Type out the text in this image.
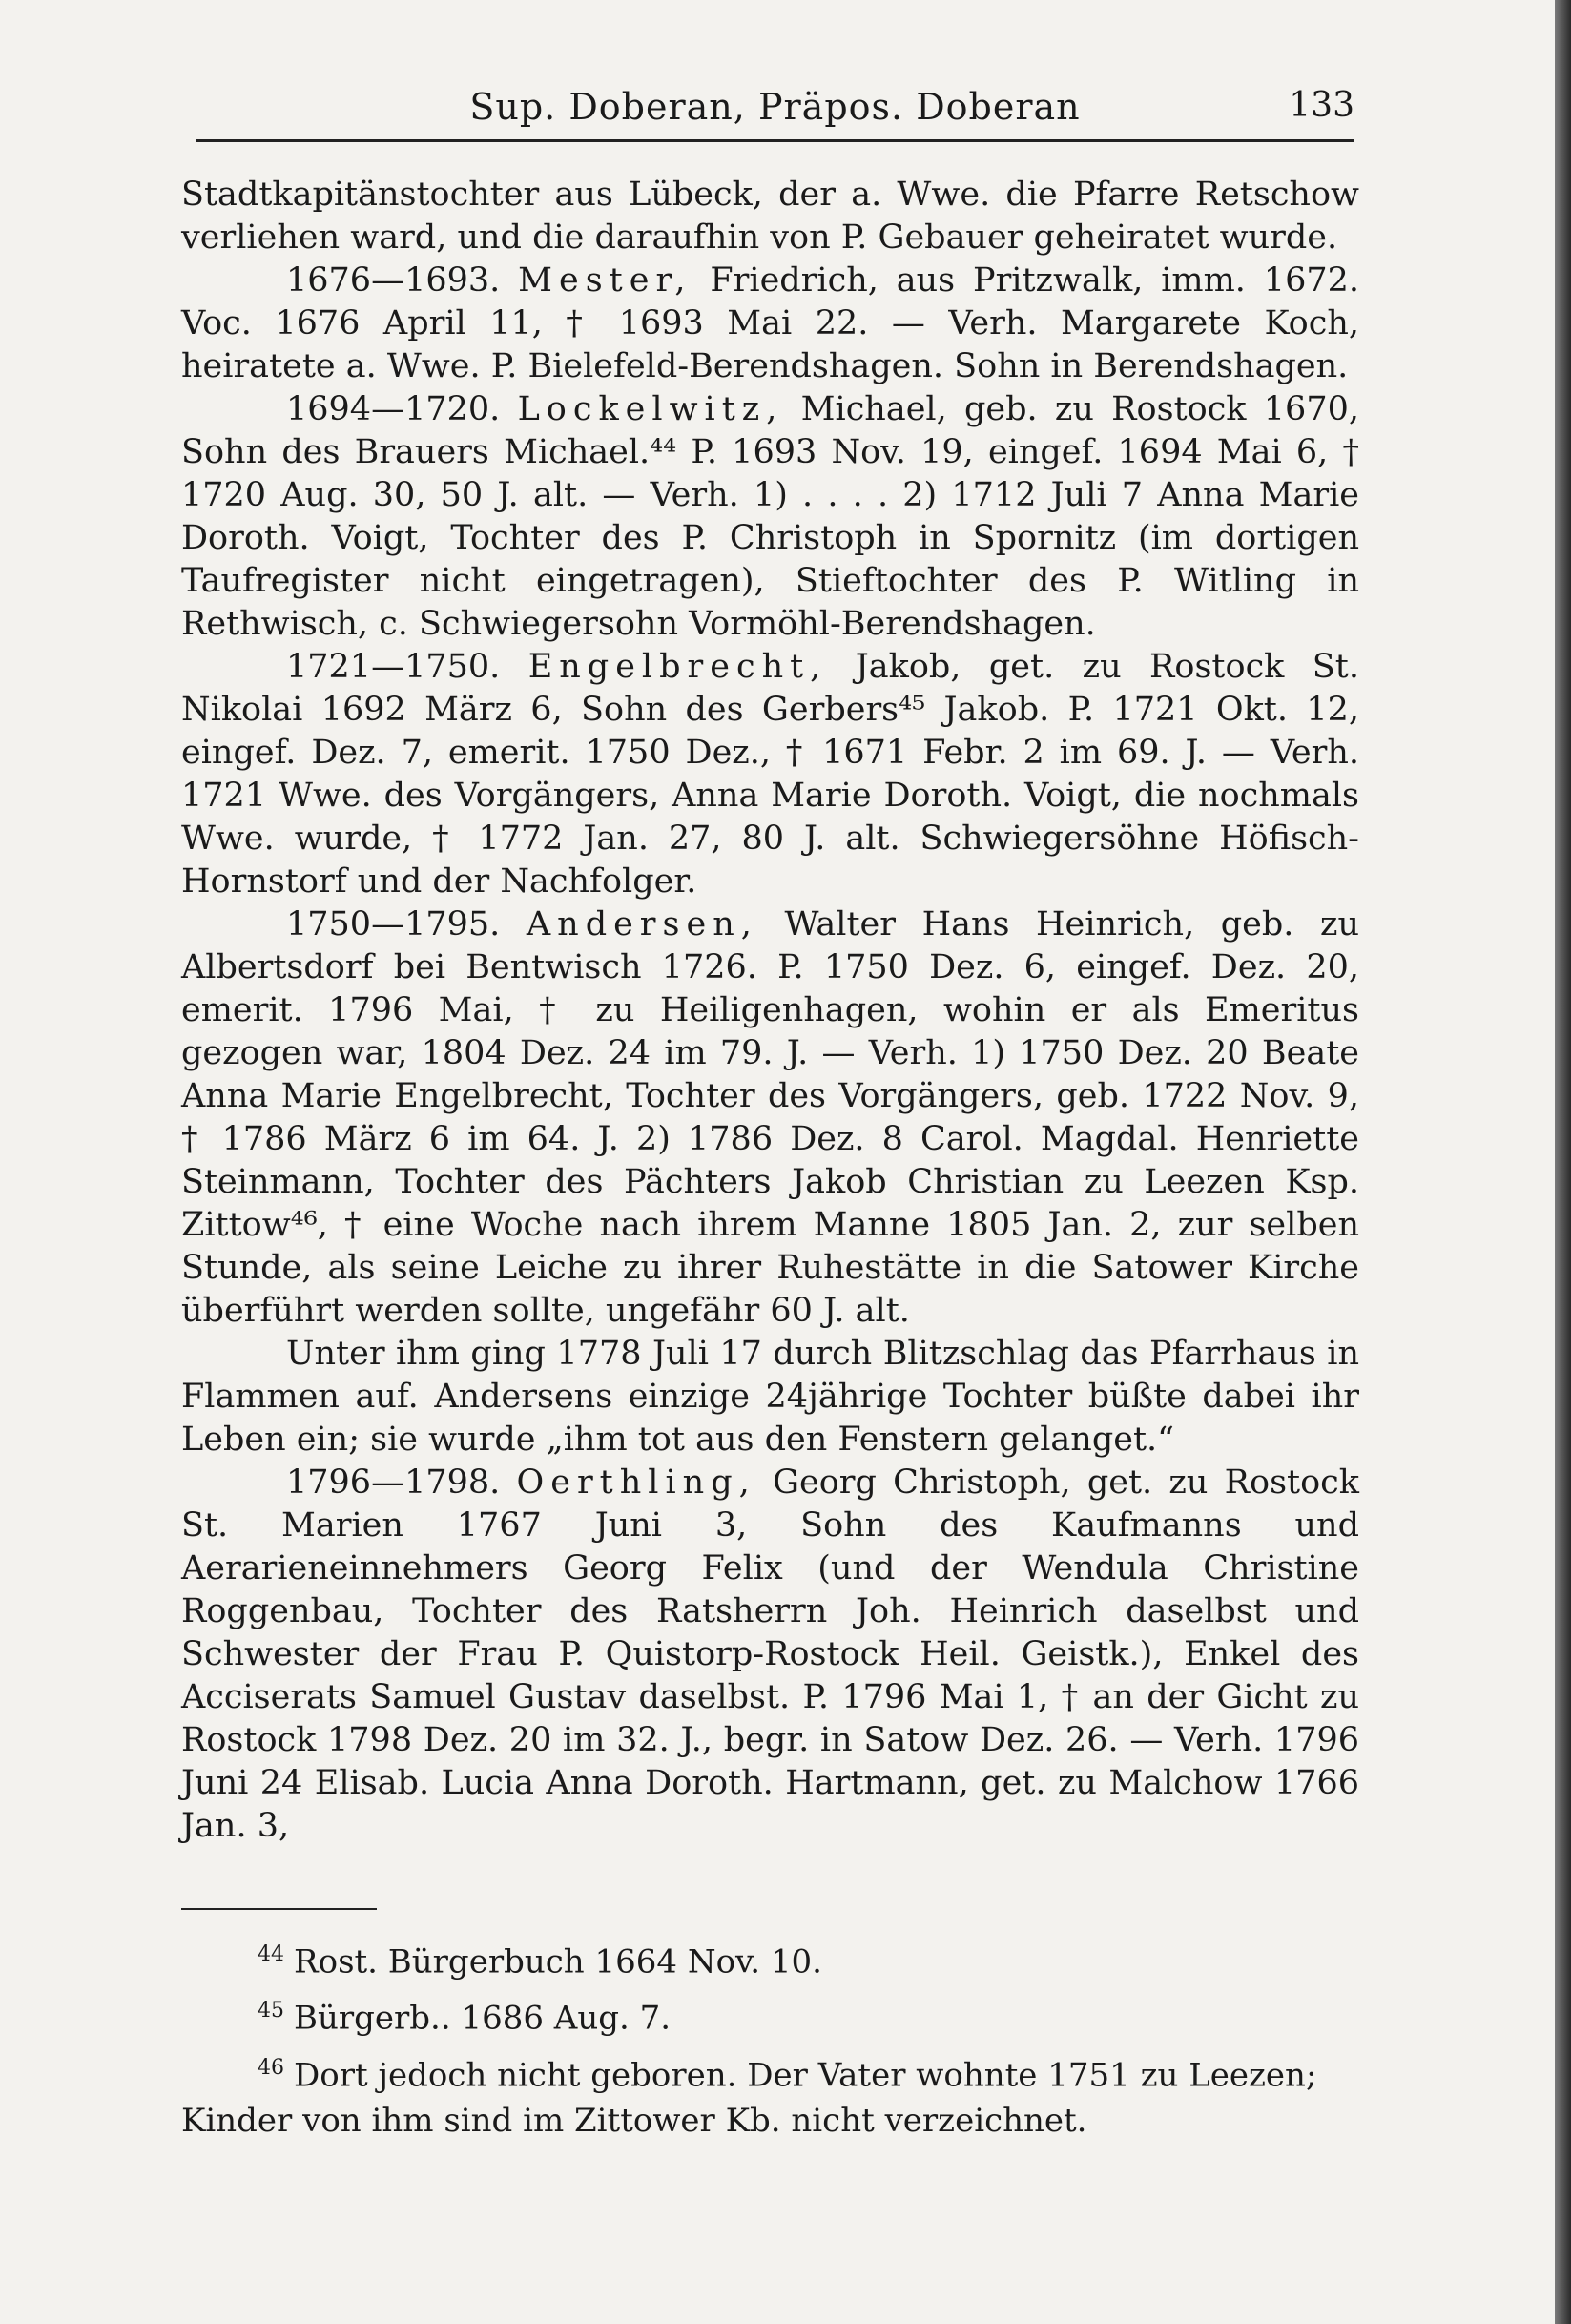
Sup. Doberan, Präpos. Doberan	133

Stadtkapitänstochter aus Lübeck, der a. Wwe. die Pfarre Retschow verliehen ward, und die daraufhin von P. Gebauer geheiratet wurde.

1676—1693. Mester, Friedrich, aus Pritzwalk, imm. 1672. Voc. 1676 April 11, † 1693 Mai 22. — Verh. Margarete Koch, heiratete a. Wwe. P. Bielefeld-Berendshagen. Sohn in Berendshagen.

1694—1720. Lockelwitz, Michael, geb. zu Rostock 1670, Sohn des Brauers Michael.⁴⁴ P. 1693 Nov. 19, eingef. 1694 Mai 6, † 1720 Aug. 30, 50 J. alt. — Verh. 1) . . . . 2) 1712 Juli 7 Anna Marie Doroth. Voigt, Tochter des P. Christoph in Spornitz (im dortigen Taufregister nicht eingetragen), Stieftochter des P. Witling in Rethwisch, c. Schwiegersohn Vormöhl-Berendshagen.

1721—1750. Engelbrecht, Jakob, get. zu Rostock St. Nikolai 1692 März 6, Sohn des Gerbers⁴⁵ Jakob. P. 1721 Okt. 12, eingef. Dez. 7, emerit. 1750 Dez., † 1671 Febr. 2 im 69. J. — Verh. 1721 Wwe. des Vorgängers, Anna Marie Doroth. Voigt, die nochmals Wwe. wurde, † 1772 Jan. 27, 80 J. alt. Schwiegersöhne Höfisch-Hornstorf und der Nachfolger.

1750—1795. Andersen, Walter Hans Heinrich, geb. zu Albertsdorf bei Bentwisch 1726. P. 1750 Dez. 6, eingef. Dez. 20, emerit. 1796 Mai, † zu Heiligenhagen, wohin er als Emeritus gezogen war, 1804 Dez. 24 im 79. J. — Verh. 1) 1750 Dez. 20 Beate Anna Marie Engelbrecht, Tochter des Vorgängers, geb. 1722 Nov. 9, † 1786 März 6 im 64. J. 2) 1786 Dez. 8 Carol. Magdal. Henriette Steinmann, Tochter des Pächters Jakob Christian zu Leezen Ksp. Zittow⁴⁶, † eine Woche nach ihrem Manne 1805 Jan. 2, zur selben Stunde, als seine Leiche zu ihrer Ruhestätte in die Satower Kirche überführt werden sollte, ungefähr 60 J. alt.

Unter ihm ging 1778 Juli 17 durch Blitzschlag das Pfarrhaus in Flammen auf. Andersens einzige 24jährige Tochter büßte dabei ihr Leben ein; sie wurde „ihm tot aus den Fenstern gelanget.“

1796—1798. Oerthling, Georg Christoph, get. zu Rostock St. Marien 1767 Juni 3, Sohn des Kaufmanns und Aerarieneinnehmers Georg Felix (und der Wendula Christine Roggenbau, Tochter des Ratsherrn Joh. Heinrich daselbst und Schwester der Frau P. Quistorp-Rostock Heil. Geistk.), Enkel des Acciserats Samuel Gustav daselbst. P. 1796 Mai 1, † an der Gicht zu Rostock 1798 Dez. 20 im 32. J., begr. in Satow Dez. 26. — Verh. 1796 Juni 24 Elisab. Lucia Anna Doroth. Hartmann, get. zu Malchow 1766 Jan. 3,

$^{44}$ Rost. Bürgerbuch 1664 Nov. 10.

$^{45}$ Bürgerb.. 1686 Aug. 7.

$^{46}$ Dort jedoch nicht geboren. Der Vater wohnte 1751 zu Leezen; Kinder von ihm sind im Zittower Kb. nicht verzeichnet.
